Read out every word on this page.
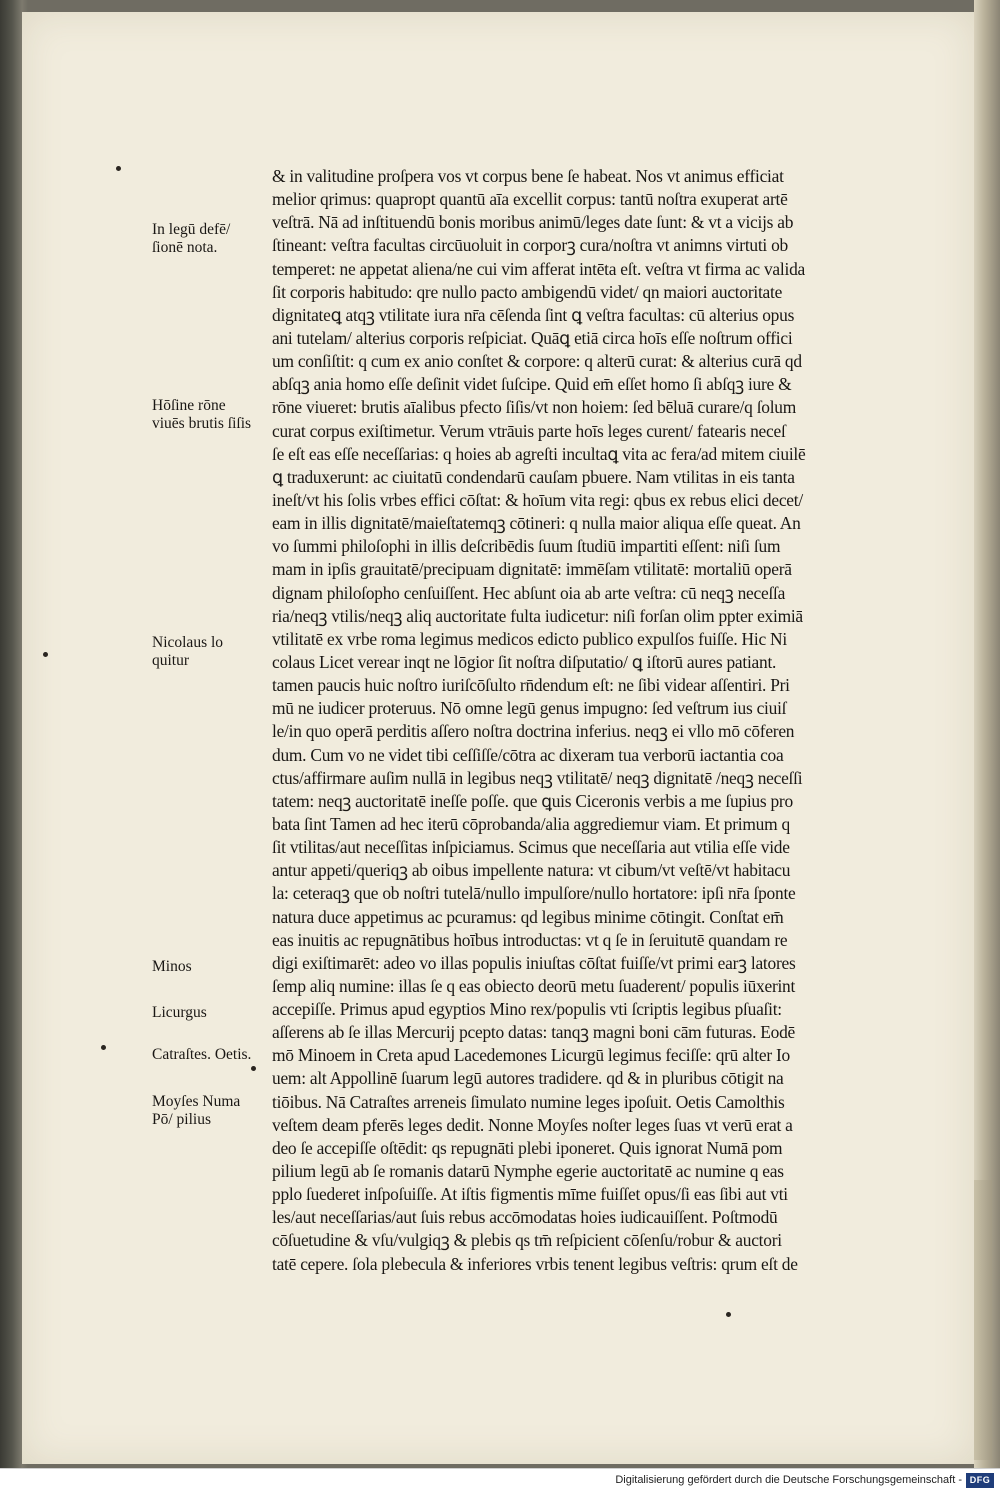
In legū defē/ ſionē nota.
Hōſine rōne viuēs brutis ſiſis
Nicolaus lo quitur
Minos
Licurgus
Catraſtes. Oetis.
Moyſes Numa Pō/ pilius
& in valitudine proſpera vos vt corpus bene ſe habeat. Nos vt animus efficiat
melior qrimus: quapropt quantū aīa excellit corpus: tantū noſtra exuperat artē
veſtrā. Nā ad inſtituendū bonis moribus animū/leges date ſunt: & vt a vicijs ab
ſtineant: veſtra facultas circūuoluit in corporꝫ cura/noſtra vt animns virtuti ob
temperet: ne appetat aliena/ne cui vim afferat intēta eſt. veſtra vt firma ac valida
ſit corporis habitudo: qre nullo pacto ambigendū videt/ qn maiori auctoritate
dignitateꝗ atqꝫ vtilitate iura nr̄a cēſenda ſint ꝗ veſtra facultas: cū alterius opus
ani tutelam/ alterius corporis reſpiciat. Quāꝗ etiā circa hoīs eſſe noſtrum offici
um conſiſtit: q cum ex anio conſtet & corpore: q alterū curat: & alterius curā qd
abſqꝫ ania homo eſſe deſinit videt ſuſcipe. Quid em̄ eſſet homo ſi abſqꝫ iure &
rōne viueret: brutis aīalibus pfecto ſiſis/vt non hoiem: ſed bēluā curare/q ſolum
curat corpus exiſtimetur. Verum vtrāuis parte hoīs leges curent/ fatearis neceſ
ſe eſt eas eſſe neceſſarias: q hoies ab agreſti incultaꝗ vita ac fera/ad mitem ciuilē
ꝗ traduxerunt: ac ciuitatū condendarū cauſam pbuere. Nam vtilitas in eis tanta
ineſt/vt his ſolis vrbes effici cōſtat: & hoīum vita regi: qbus ex rebus elici decet/
eam in illis dignitatē/maieſtatemqꝫ cōtineri: q nulla maior aliqua eſſe queat. An
vo ſummi philoſophi in illis deſcribēdis ſuum ſtudiū impartiti eſſent: niſi ſum
mam in ipſis grauitatē/precipuam dignitatē: immēſam vtilitatē: mortaliū operā
dignam philoſopho cenſuiſſent. Hec abſunt oia ab arte veſtra: cū neqꝫ neceſſa
ria/neqꝫ vtilis/neqꝫ aliq auctoritate fulta iudicetur: niſi forſan olim ppter eximiā
vtilitatē ex vrbe roma legimus medicos edicto publico expulſos fuiſſe. Hic Ni
colaus Licet verear inqt ne lōgior ſit noſtra diſputatio/ ꝗ iſtorū aures patiant.
tamen paucis huic noſtro iuriſcōſulto rn̄dendum eſt: ne ſibi videar aſſentiri. Pri
mū ne iudicer proteruus. Nō omne legū genus impugno: ſed veſtrum ius ciuiſ
le/in quo operā perditis aſſero noſtra doctrina inferius. neqꝫ ei vllo mō cōferen
dum. Cum vo ne videt tibi ceſſiſſe/cōtra ac dixeram tua verborū iactantia coa
ctus/affirmare auſim nullā in legibus neqꝫ vtilitatē/ neqꝫ dignitatē /neqꝫ neceſſi
tatem: neqꝫ auctoritatē ineſſe poſſe. que ꝗuis Ciceronis verbis a me ſupius pro
bata ſint Tamen ad hec iterū cōprobanda/alia aggrediemur viam. Et primum q
ſit vtilitas/aut neceſſitas inſpiciamus. Scimus que neceſſaria aut vtilia eſſe vide
antur appeti/queriqꝫ ab oibus impellente natura: vt cibum/vt veſtē/vt habitacu
la: ceteraqꝫ que ob noſtri tutelā/nullo impulſore/nullo hortatore: ipſi nr̄a ſponte
natura duce appetimus ac pcuramus: qd legibus minime cōtingit. Conſtat em̄
eas inuitis ac repugnātibus hoībus introductas: vt q ſe in ſeruitutē quandam re
digi exiſtimarēt: adeo vo illas populis iniuſtas cōſtat fuiſſe/vt primi earꝫ latores
ſemp aliq numine: illas ſe q eas obiecto deorū metu ſuaderent/ populis iūxerint
accepiſſe. Primus apud egyptios Mino rex/populis vti ſcriptis legibus pſuaſit:
aſſerens ab ſe illas Mercurij pcepto datas: tanqꝫ magni boni cām futuras. Eodē
mō Minoem in Creta apud Lacedemones Licurgū legimus feciſſe: qrū alter Io
uem: alt Appollinē ſuarum legū autores tradidere. qd & in pluribus cōtigit na
tiōibus. Nā Catraſtes arreneis ſimulato numine leges ipoſuit. Oetis Camolthis
veſtem deam pferēs leges dedit. Nonne Moyſes noſter leges ſuas vt verū erat a
deo ſe accepiſſe oſtēdit: qs repugnāti plebi iponeret. Quis ignorat Numā pom
pilium legū ab ſe romanis datarū Nymphe egerie auctoritatē ac numine q eas
pplo ſuederet inſpoſuiſſe. At iſtis figmentis mīme fuiſſet opus/ſi eas ſibi aut vti
les/aut neceſſarias/aut ſuis rebus accōmodatas hoies iudicauiſſent. Poſtmodū
cōſuetudine & vſu/vulgiqꝫ & plebis qs tm̄ reſpicient cōſenſu/robur & auctori
tatē cepere. ſola plebecula & inferiores vrbis tenent legibus veſtris: qrum eſt de
Digitalisierung gefördert durch die Deutsche Forschungsgemeinschaft - DFG
